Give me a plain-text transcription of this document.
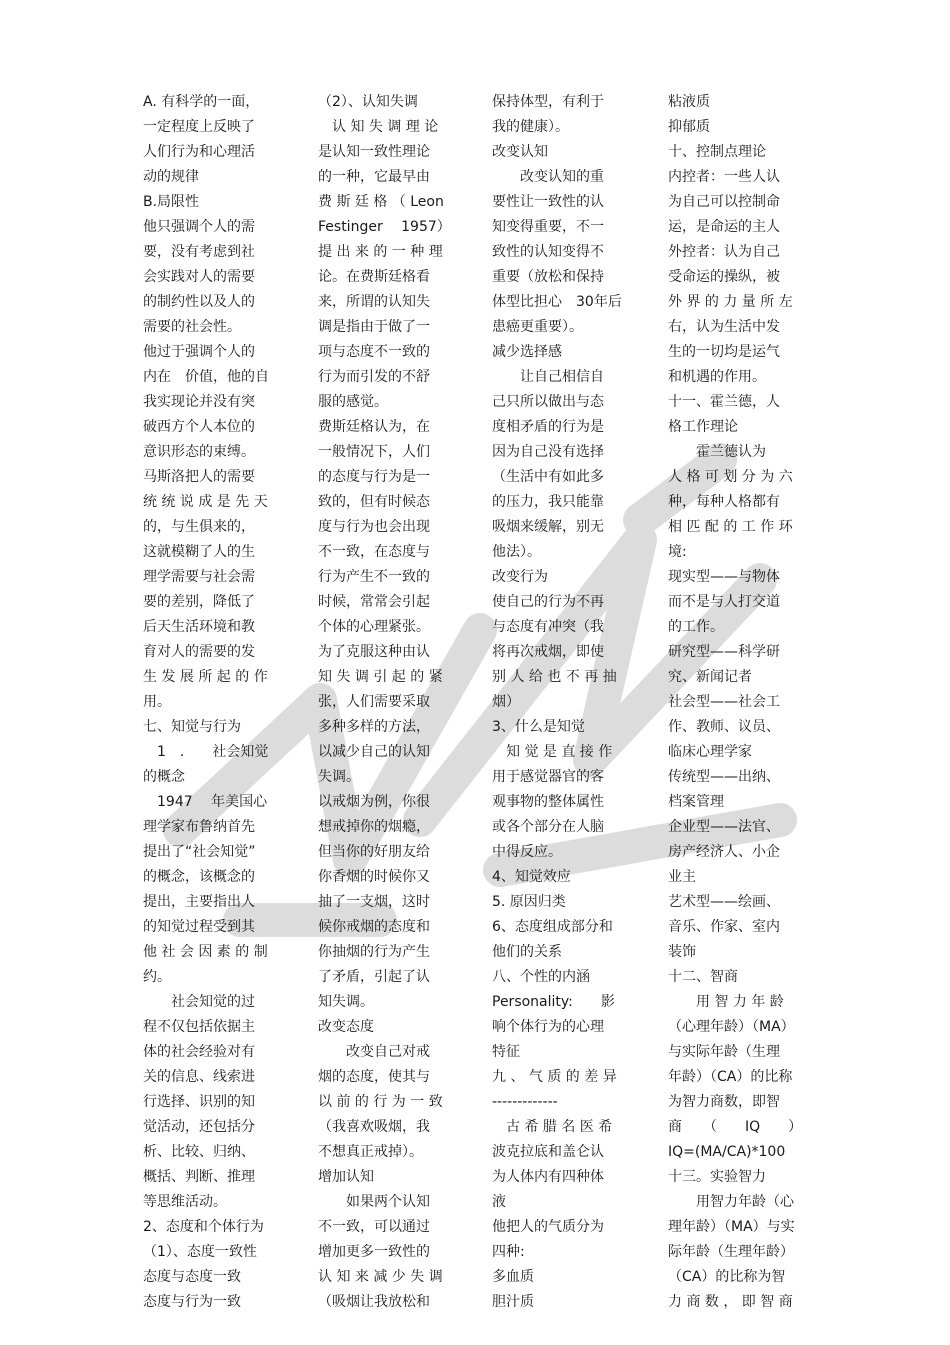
A. 有科学的一面，
一定程度上反映了
人们行为和心理活
动的规律
B.局限性
他只强调个人的需
要，没有考虑到社
会实践对人的需要
的制约性以及人的
需要的社会性。
他过于强调个人的
内在　价值，他的自
我实现论并没有突
破西方个人本位的
意识形态的束缚。
马斯洛把人的需要
统 统 说 成 是 先 天
的，与生俱来的，
这就模糊了人的生
理学需要与社会需
要的差别，降低了
后天生活环境和教
育对人的需要的发
生 发 展 所 起 的 作
用。
七、知觉与行为
　1　.　　社会知觉
的概念
　1947　 年美国心
理学家布鲁纳首先
提出了“社会知觉”
的概念，该概念的
提出，主要指出人
的知觉过程受到其
他 社 会 因 素 的 制
约。
　　社会知觉的过
程不仅包括依据主
体的社会经验对有
关的信息、线索进
行选择、识别的知
觉活动，还包括分
析、比较、归纳、
概括、判断、推理
等思维活动。
2、态度和个体行为
（1）、态度一致性
态度与态度一致
态度与行为一致
（2）、认知失调
　认 知 失 调 理 论
是认知一致性理论
的一种，它最早由
费 斯 廷 格 （ Leon
Festinger　 1957）
提 出 来 的 一 种 理
论。在费斯廷格看
来，所谓的认知失
调是指由于做了一
项与态度不一致的
行为而引发的不舒
服的感觉。
费斯廷格认为，在
一般情况下，人们
的态度与行为是一
致的，但有时候态
度与行为也会出现
不一致，在态度与
行为产生不一致的
时候，常常会引起
个体的心理紧张。
为了克服这种由认
知 失 调 引 起 的 紧
张，人们需要采取
多种多样的方法，
以减少自己的认知
失调。
以戒烟为例，你很
想戒掉你的烟瘾，
但当你的好朋友给
你香烟的时候你又
抽了一支烟，这时
候你戒烟的态度和
你抽烟的行为产生
了矛盾，引起了认
知失调。
改变态度
　　改变自己对戒
烟的态度，使其与
以 前 的 行 为 一 致
（我喜欢吸烟，我
不想真正戒掉）。
增加认知
　　如果两个认知
不一致，可以通过
增加更多一致性的
认 知 来 减 少 失 调
（吸烟让我放松和
保持体型，有利于
我的健康）。
改变认知
　　改变认知的重
要性让一致性的认
知变得重要，不一
致性的认知变得不
重要（放松和保持
体型比担心　30年后
患癌更重要）。
减少选择感
　　让自己相信自
己只所以做出与态
度相矛盾的行为是
因为自己没有选择
（生活中有如此多
的压力，我只能靠
吸烟来缓解，别无
他法）。
改变行为
使自己的行为不再
与态度有冲突（我
将再次戒烟，即使
别 人 给 也 不 再 抽
烟）
3、什么是知觉
　知 觉 是 直 接 作
用于感觉器官的客
观事物的整体属性
或各个部分在人脑
中得反应。
4、知觉效应
5. 原因归类
6、态度组成部分和
他们的关系
八、个性的内涵
Personality:　　影
响个体行为的心理
特征
九 、 气 质 的 差 异
-------------
　古 希 腊 名 医 希
波克拉底和盖仑认
为人体内有四种体
液
他把人的气质分为
四种:
多血质
胆汁质
粘液质
抑郁质
十、控制点理论
内控者：一些人认
为自己可以控制命
运，是命运的主人
外控者：认为自己
受命运的操纵，被
外 界 的 力 量 所 左
右，认为生活中发
生的一切均是运气
和机遇的作用。
十一、霍兰德，人
格工作理论
　　霍兰德认为
人 格 可 划 分 为 六
种，每种人格都有
相 匹 配 的 工 作 环
境:
现实型——与物体
而不是与人打交道
的工作。
研究型——科学研
究、新闻记者
社会型——社会工
作、教师、议员、
临床心理学家
传统型——出纳、
档案管理
企业型——法官、
房产经济人、小企
业主
艺术型——绘画、
音乐、作家、室内
装饰
十二、智商
　　用 智 力 年 龄
（心理年龄）（MA）
与实际年龄（生理
年龄）（CA）的比称
为智力商数，即智
商　　（　　IQ　　）
IQ=(MA/CA)*100
十三。实验智力
　　用智力年龄（心
理年龄）（MA）与实
际年龄（生理年龄）
（CA）的比称为智
力 商 数 ， 即 智 商
